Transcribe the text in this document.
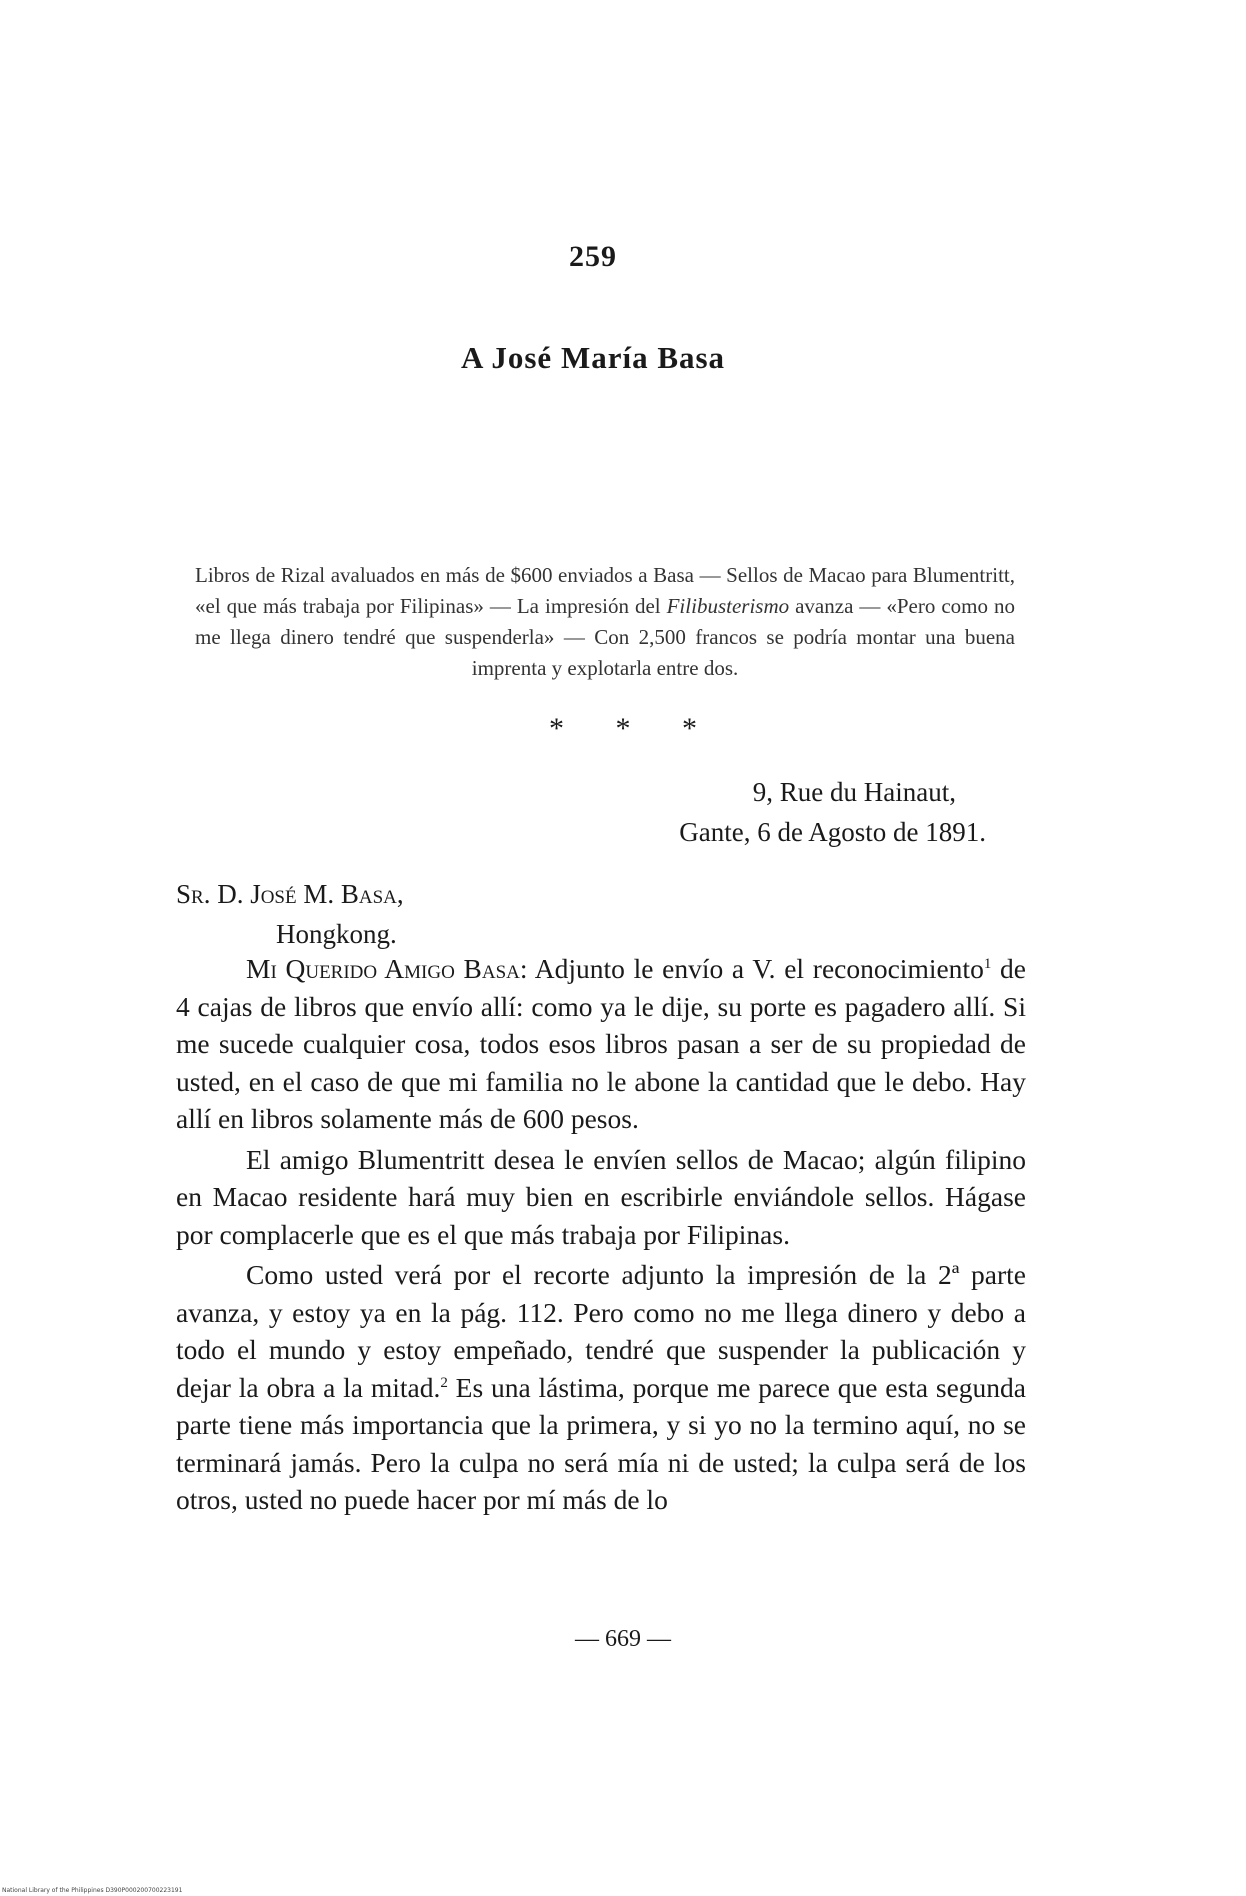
259
A José María Basa
Libros de Rizal avaluados en más de $600 enviados a Basa — Sellos de Macao para Blumentritt, «el que más trabaja por Filipinas» — La impresión del Filibusterismo avanza — «Pero como no me llega dinero tendré que suspenderla» — Con 2,500 francos se podría montar una buena imprenta y explotarla entre dos.
* * *
9, Rue du Hainaut,
Gante, 6 de Agosto de 1891.
Sr. D. José M. Basa,
Hongkong.

Mi Querido Amigo Basa: Adjunto le envío a V. el reconocimiento$^1$ de 4 cajas de libros que envío allí: como ya le dije, su porte es pagadero allí. Si me sucede cualquier cosa, todos esos libros pasan a ser de su propiedad de usted, en el caso de que mi familia no le abone la cantidad que le debo. Hay allí en libros solamente más de 600 pesos.

El amigo Blumentritt desea le envíen sellos de Macao; algún filipino en Macao residente hará muy bien en escribirle enviándole sellos. Hágase por complacerle que es el que más trabaja por Filipinas.

Como usted verá por el recorte adjunto la impresión de la 2ª parte avanza, y estoy ya en la pág. 112. Pero como no me llega dinero y debo a todo el mundo y estoy empeñado, tendré que suspender la publicación y dejar la obra a la mitad.$^2$ Es una lástima, porque me parece que esta segunda parte tiene más importancia que la primera, y si yo no la termino aquí, no se terminará jamás. Pero la culpa no será mía ni de usted; la culpa será de los otros, usted no puede hacer por mí más de lo

— 669 —
National Library of the Philippines D390P000200700223191
